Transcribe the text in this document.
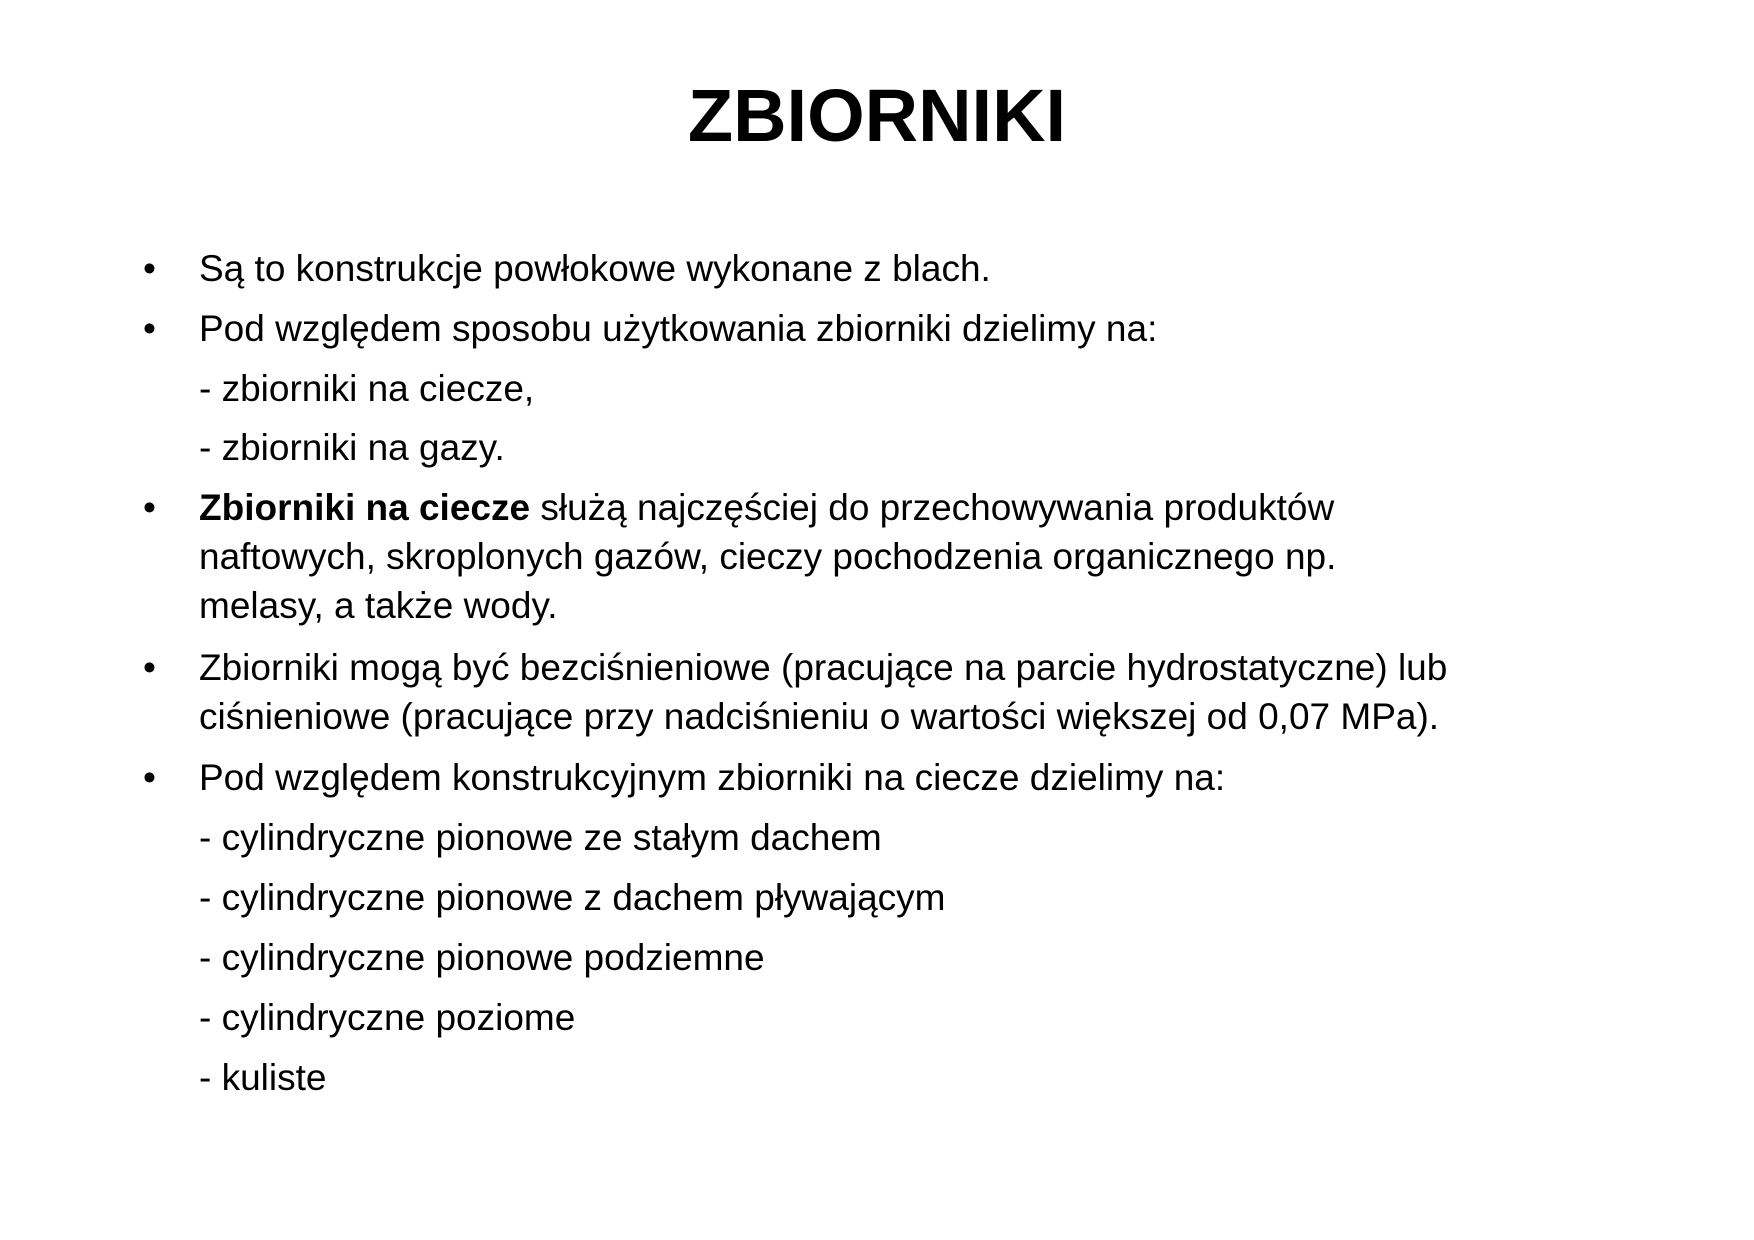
ZBIORNIKI
• Są to konstrukcje powłokowe wykonane z blach.
• Pod względem sposobu użytkowania zbiorniki dzielimy na:
- zbiorniki na ciecze,
- zbiorniki na gazy.
• Zbiorniki na ciecze służą najczęściej do przechowywania produktów
naftowych, skroplonych gazów, cieczy pochodzenia organicznego np.
melasy, a także wody.
• Zbiorniki mogą być bezciśnieniowe (pracujące na parcie hydrostatyczne) lub
ciśnieniowe (pracujące przy nadciśnieniu o wartości większej od 0,07 MPa).
• Pod względem konstrukcyjnym zbiorniki na ciecze dzielimy na:
- cylindryczne pionowe ze stałym dachem
- cylindryczne pionowe z dachem pływającym
- cylindryczne pionowe podziemne
- cylindryczne poziome
- kuliste
